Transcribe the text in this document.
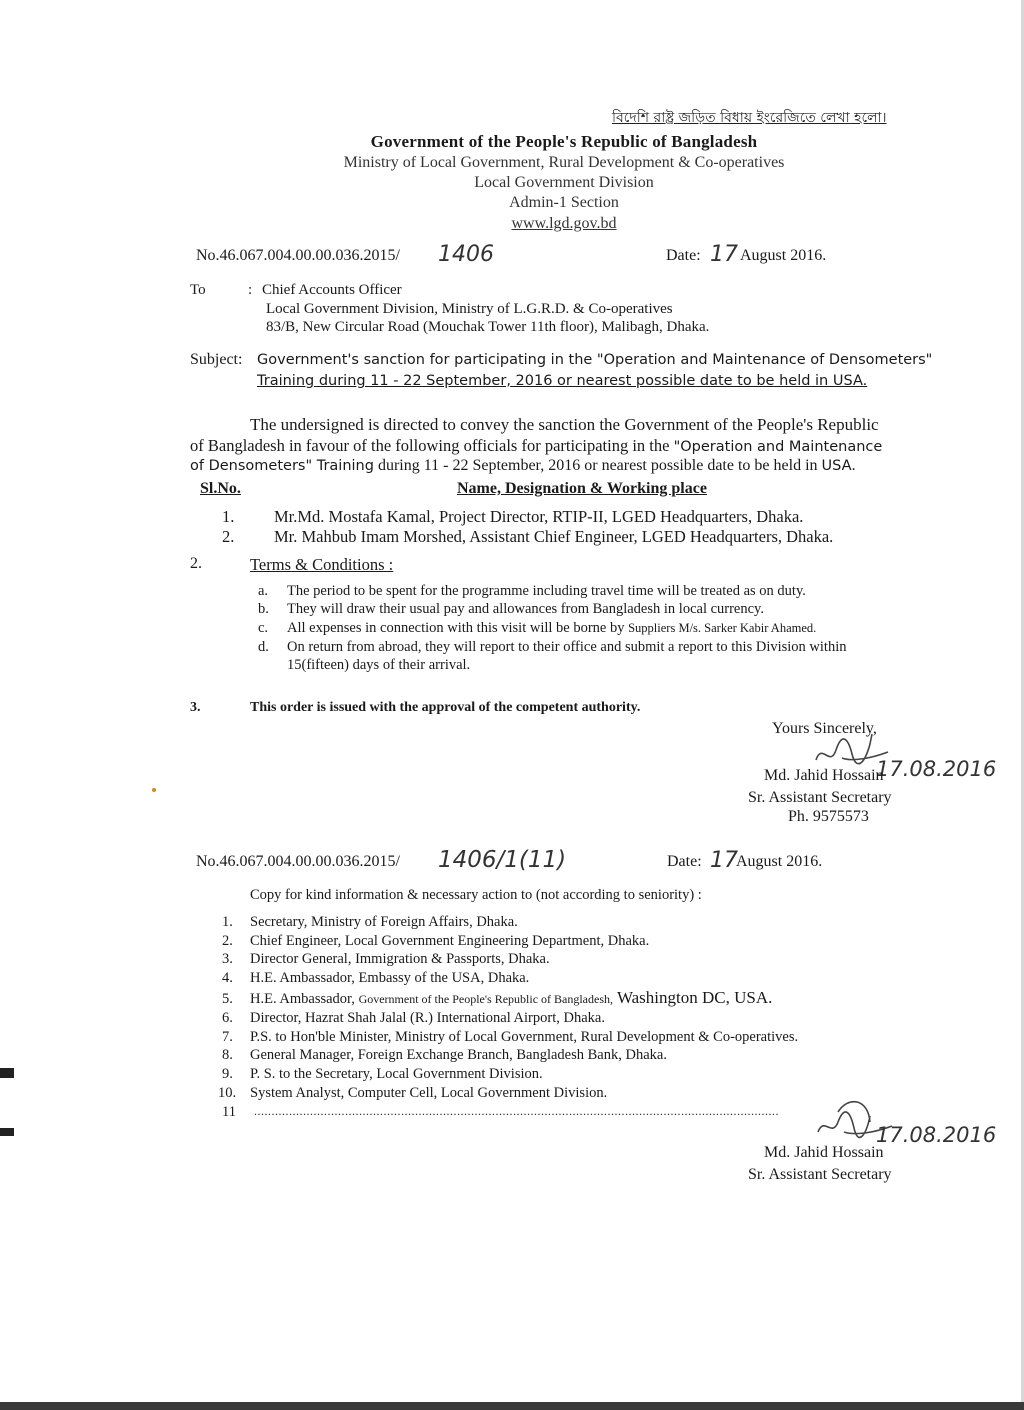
বিদেশি রাষ্ট্র জড়িত বিধায় ইংরেজিতে লেখা হলো।
Government of the People's Republic of Bangladesh
Ministry of Local Government, Rural Development & Co-operatives
Local Government Division
Admin-1 Section
www.lgd.gov.bd
No.46.067.004.00.00.036.2015/ 1406	Date: 17 August 2016.
To	: Chief Accounts Officer
Local Government Division, Ministry of L.G.R.D. & Co-operatives
83/B, New Circular Road (Mouchak Tower 11th floor), Malibagh, Dhaka.
Subject: Government's sanction for participating in the "Operation and Maintenance of Densometers"
Training during 11 - 22 September, 2016 or nearest possible date to be held in USA.
The undersigned is directed to convey the sanction the Government of the People's Republic
of Bangladesh in favour of the following officials for participating in the "Operation and Maintenance
of Densometers" Training during 11 - 22 September, 2016 or nearest possible date to be held in USA.
Sl.No.	Name, Designation & Working place
1. Mr.Md. Mostafa Kamal, Project Director, RTIP-II, LGED Headquarters, Dhaka.
2. Mr. Mahbub Imam Morshed, Assistant Chief Engineer, LGED Headquarters, Dhaka.
2.	Terms & Conditions :
a. The period to be spent for the programme including travel time will be treated as on duty.
b. They will draw their usual pay and allowances from Bangladesh in local currency.
c. All expenses in connection with this visit will be borne by Suppliers M/s. Sarker Kabir Ahamed.
d. On return from abroad, they will report to their office and submit a report to this Division within
15(fifteen) days of their arrival.
3.	This order is issued with the approval of the competent authority.
Yours Sincerely,
17.08.2016
Md. Jahid Hossain
Sr. Assistant Secretary
Ph. 9575573
No.46.067.004.00.00.036.2015/ 1406/1(11)	Date: 17
August 2016.
Copy for kind information & necessary action to (not according to seniority) :
1. Secretary, Ministry of Foreign Affairs, Dhaka.
2. Chief Engineer, Local Government Engineering Department, Dhaka.
3. Director General, Immigration & Passports, Dhaka.
4. H.E. Ambassador, Embassy of the USA, Dhaka.
5. H.E. Ambassador, Government of the People's Republic of Bangladesh, Washington DC, USA.
6. Director, Hazrat Shah Jalal (R.) International Airport, Dhaka.
7. P.S. to Hon'ble Minister, Ministry of Local Government, Rural Development & Co-operatives.
8. General Manager, Foreign Exchange Branch, Bangladesh Bank, Dhaka.
9. P. S. to the Secretary, Local Government Division.
10. System Analyst, Computer Cell, Local Government Division.
11 ......................................................................................................................................................
17.08.2016
Md. Jahid Hossain
Sr. Assistant Secretary
